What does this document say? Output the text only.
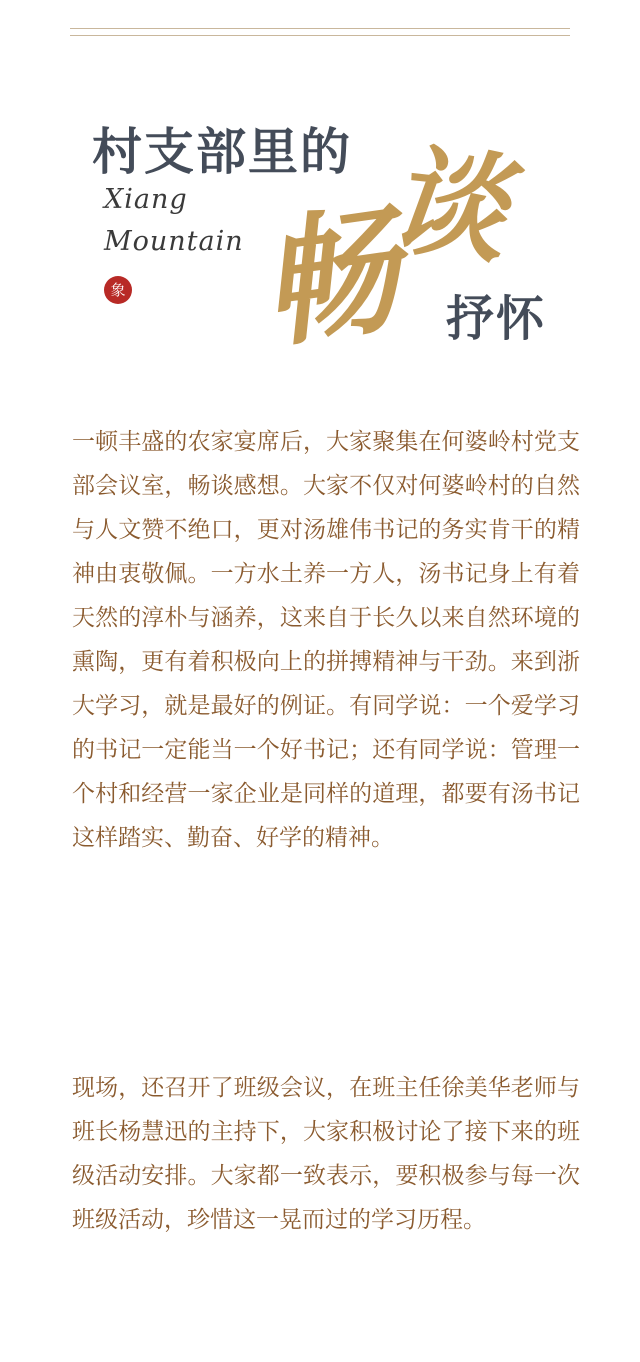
村支部里的 谈
畅
Xiang
Mountain
象
抒怀

一顿丰盛的农家宴席后，大家聚集在何婆岭村党支部会议室，畅谈感想。大家不仅对何婆岭村的自然与人文赞不绝口，更对汤雄伟书记的务实肯干的精神由衷敬佩。一方水土养一方人，汤书记身上有着天然的淳朴与涵养，这来自于长久以来自然环境的熏陶，更有着积极向上的拼搏精神与干劲。来到浙大学习，就是最好的例证。有同学说：一个爱学习的书记一定能当一个好书记；还有同学说：管理一个村和经营一家企业是同样的道理，都要有汤书记这样踏实、勤奋、好学的精神。

现场，还召开了班级会议，在班主任徐美华老师与班长杨慧迅的主持下，大家积极讨论了接下来的班级活动安排。大家都一致表示，要积极参与每一次班级活动，珍惜这一晃而过的学习历程。
